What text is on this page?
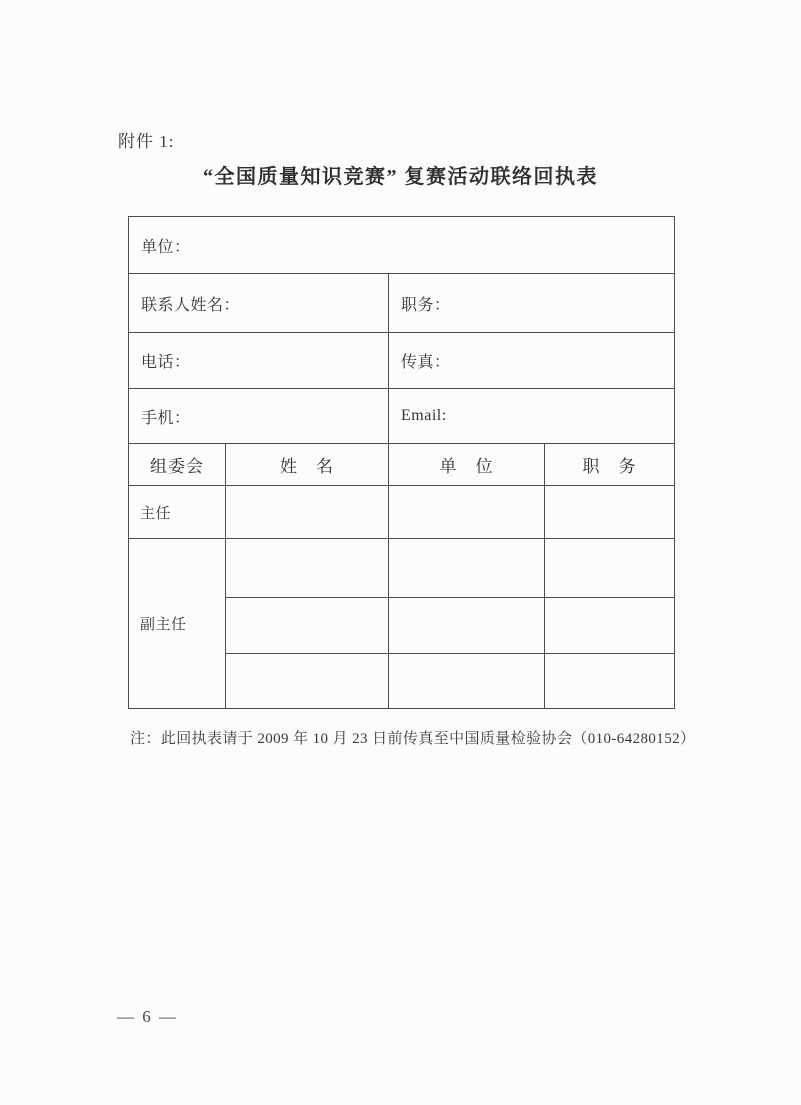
附件 1:
“全国质量知识竞赛” 复赛活动联络回执表
单位：			
联系人姓名：		职务：	
电话：		传真：	
手机：		Email:	
组委会	姓　名	单　位	职　务
主任			
副主任			

注：此回执表请于 2009 年 10 月 23 日前传真至中国质量检验协会（010-64280152）
— 6 —
